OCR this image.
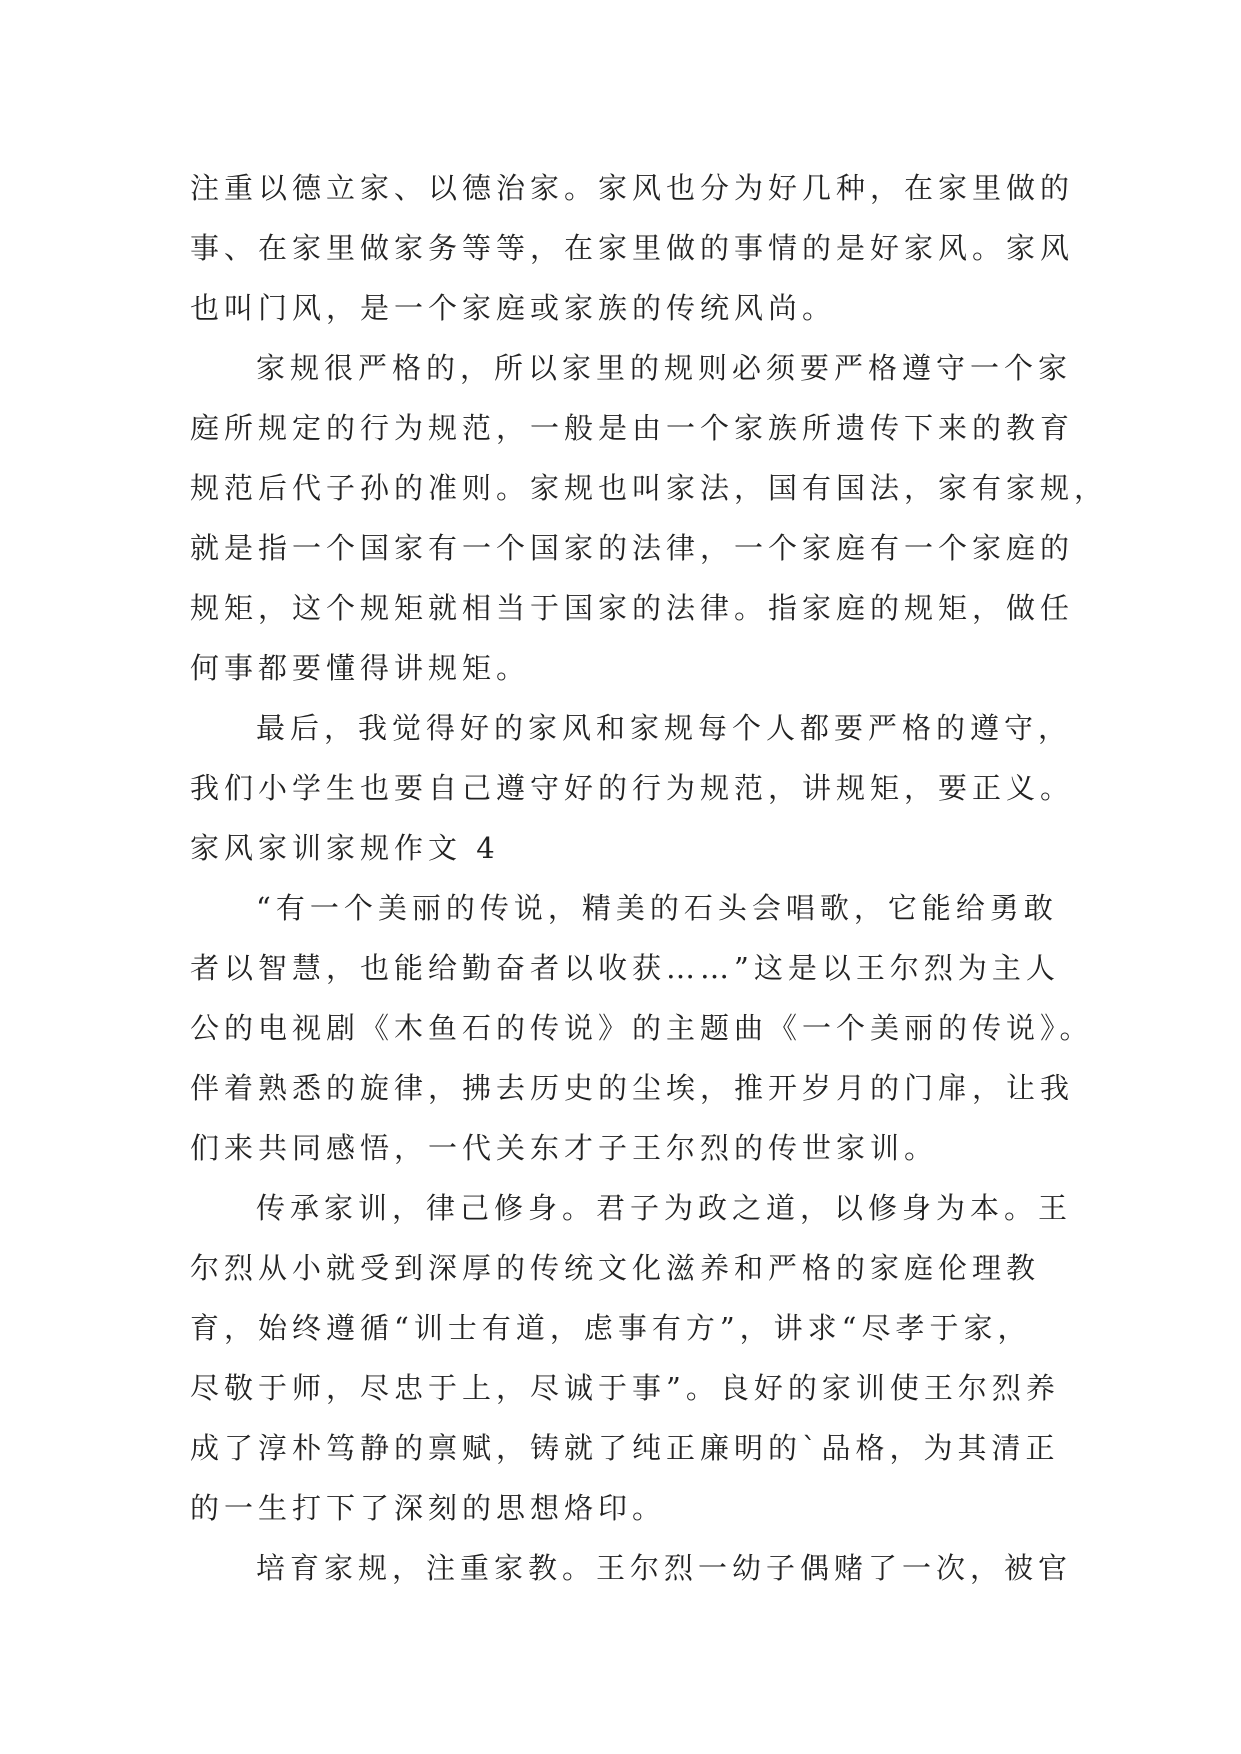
注重以德立家、以德治家。家风也分为好几种，在家里做的
事、在家里做家务等等，在家里做的事情的是好家风。家风
也叫门风，是一个家庭或家族的传统风尚。
家规很严格的，所以家里的规则必须要严格遵守一个家
庭所规定的行为规范，一般是由一个家族所遗传下来的教育
规范后代子孙的准则。家规也叫家法，国有国法，家有家规，
就是指一个国家有一个国家的法律，一个家庭有一个家庭的
规矩，这个规矩就相当于国家的法律。指家庭的规矩，做任
何事都要懂得讲规矩。
最后，我觉得好的家风和家规每个人都要严格的遵守，
我们小学生也要自己遵守好的行为规范，讲规矩，要正义。
家风家训家规作文 4
“有一个美丽的传说，精美的石头会唱歌，它能给勇敢
者以智慧，也能给勤奋者以收获……”这是以王尔烈为主人
公的电视剧《木鱼石的传说》的主题曲《一个美丽的传说》。
伴着熟悉的旋律，拂去历史的尘埃，推开岁月的门扉，让我
们来共同感悟，一代关东才子王尔烈的传世家训。
传承家训，律己修身。君子为政之道，以修身为本。王
尔烈从小就受到深厚的传统文化滋养和严格的家庭伦理教
育，始终遵循“训士有道，虑事有方”，讲求“尽孝于家，
尽敬于师，尽忠于上，尽诚于事”。良好的家训使王尔烈养
成了淳朴笃静的禀赋，铸就了纯正廉明的`品格，为其清正
的一生打下了深刻的思想烙印。
培育家规，注重家教。王尔烈一幼子偶赌了一次，被官
